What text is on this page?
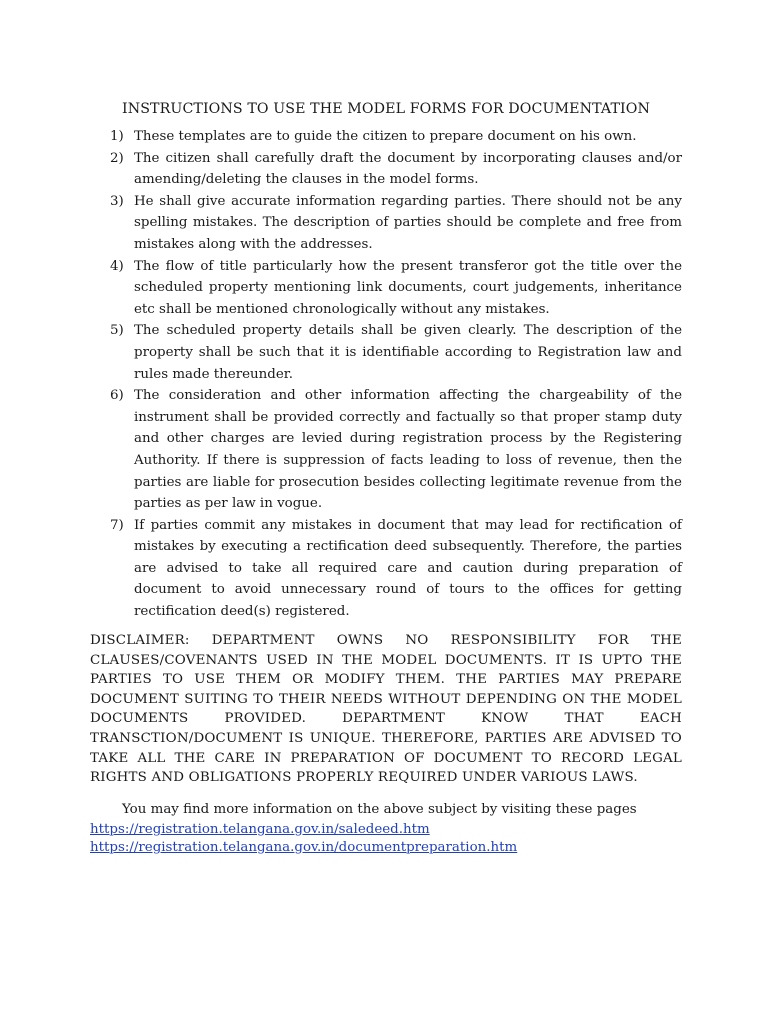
INSTRUCTIONS TO USE THE MODEL FORMS FOR DOCUMENTATION
1) These templates are to guide the citizen to prepare document on his own.
2) The citizen shall carefully draft the document by incorporating clauses and/or amending/deleting the clauses in the model forms.
3) He shall give accurate information regarding parties. There should not be any spelling mistakes. The description of parties should be complete and free from mistakes along with the addresses.
4) The flow of title particularly how the present transferor got the title over the scheduled property mentioning link documents, court judgements, inheritance etc shall be mentioned chronologically without any mistakes.
5) The scheduled property details shall be given clearly. The description of the property shall be such that it is identifiable according to Registration law and rules made thereunder.
6) The consideration and other information affecting the chargeability of the instrument shall be provided correctly and factually so that proper stamp duty and other charges are levied during registration process by the Registering Authority. If there is suppression of facts leading to loss of revenue, then the parties are liable for prosecution besides collecting legitimate revenue from the parties as per law in vogue.
7) If parties commit any mistakes in document that may lead for rectification of mistakes by executing a rectification deed subsequently. Therefore, the parties are advised to take all required care and caution during preparation of document to avoid unnecessary round of tours to the offices for getting rectification deed(s) registered.
DISCLAIMER: DEPARTMENT OWNS NO RESPONSIBILITY FOR THE CLAUSES/COVENANTS USED IN THE MODEL DOCUMENTS. IT IS UPTO THE PARTIES TO USE THEM OR MODIFY THEM. THE PARTIES MAY PREPARE DOCUMENT SUITING TO THEIR NEEDS WITHOUT DEPENDING ON THE MODEL DOCUMENTS PROVIDED. DEPARTMENT KNOW THAT EACH TRANSCTION/DOCUMENT IS UNIQUE. THEREFORE, PARTIES ARE ADVISED TO TAKE ALL THE CARE IN PREPARATION OF DOCUMENT TO RECORD LEGAL RIGHTS AND OBLIGATIONS PROPERLY REQUIRED UNDER VARIOUS LAWS.
You may find more information on the above subject by visiting these pages
https://registration.telangana.gov.in/saledeed.htm
https://registration.telangana.gov.in/documentpreparation.htm
